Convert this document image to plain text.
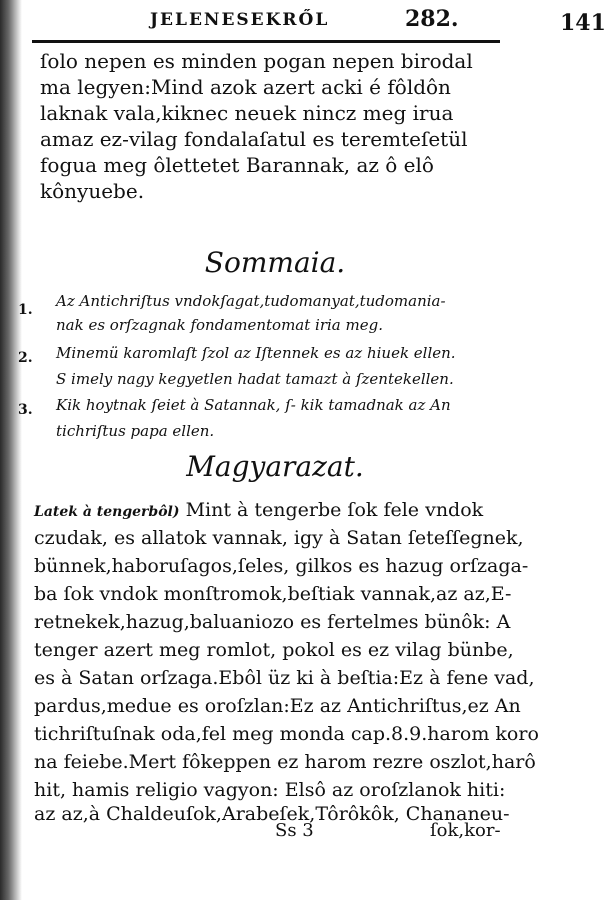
JELENESEKRŐL	282.	141
ſolo nepen es minden pogan nepen birodal
ma legyen:Mind azok azert acki é fôldôn
laknak vala,kiknec neuek nincz meg irua
amaz ez-vilag fondalaſatul es teremteſetül
fogua meg ôlettetet Barannak, az ô elô
kônyuebe.
Sommaia.
1. Az Antichriſtus vndokſagat,tudomanyat,tudomania-
nak es orſzagnak fondamentomat iria meg.
2. Minemü karomlaſt ſzol az Iſtennek es az hiuek ellen.
S imely nagy kegyetlen hadat tamazt à ſzentekellen.
3. Kik hoytnak ſeiet à Satannak, ſ- kik tamadnak az An
tichriſtus papa ellen.
Magyarazat.
Latek à tengerbôl) Mint à tengerbe ſok fele vndok
czudak, es allatok vannak, igy à Satan ſeteſſegnek,
bünnek,haboruſagos,ſeles, gilkos es hazug orſzaga-
ba ſok vndok monſtromok,beſtiak vannak,az az,E-
retnekek,hazug,baluaniozo es fertelmes bünôk: A
tenger azert meg romlot, pokol es ez vilag bünbe,
es à Satan orſzaga.Ebôl üz ki à beſtia:Ez à fene vad,
pardus,medue es oroſzlan:Ez az Antichriſtus,ez An
tichriſtuſnak oda,fel meg monda cap.8.9.harom koro
na feiebe.Mert fôkeppen ez harom rezre oszlot,harô
hit, hamis religio vagyon: Elsô az oroſzlanok hiti:
az az,à Chaldeuſok,Arabeſek,Tôrôkôk, Chananeu-
Ss 3	ſok,kor-
